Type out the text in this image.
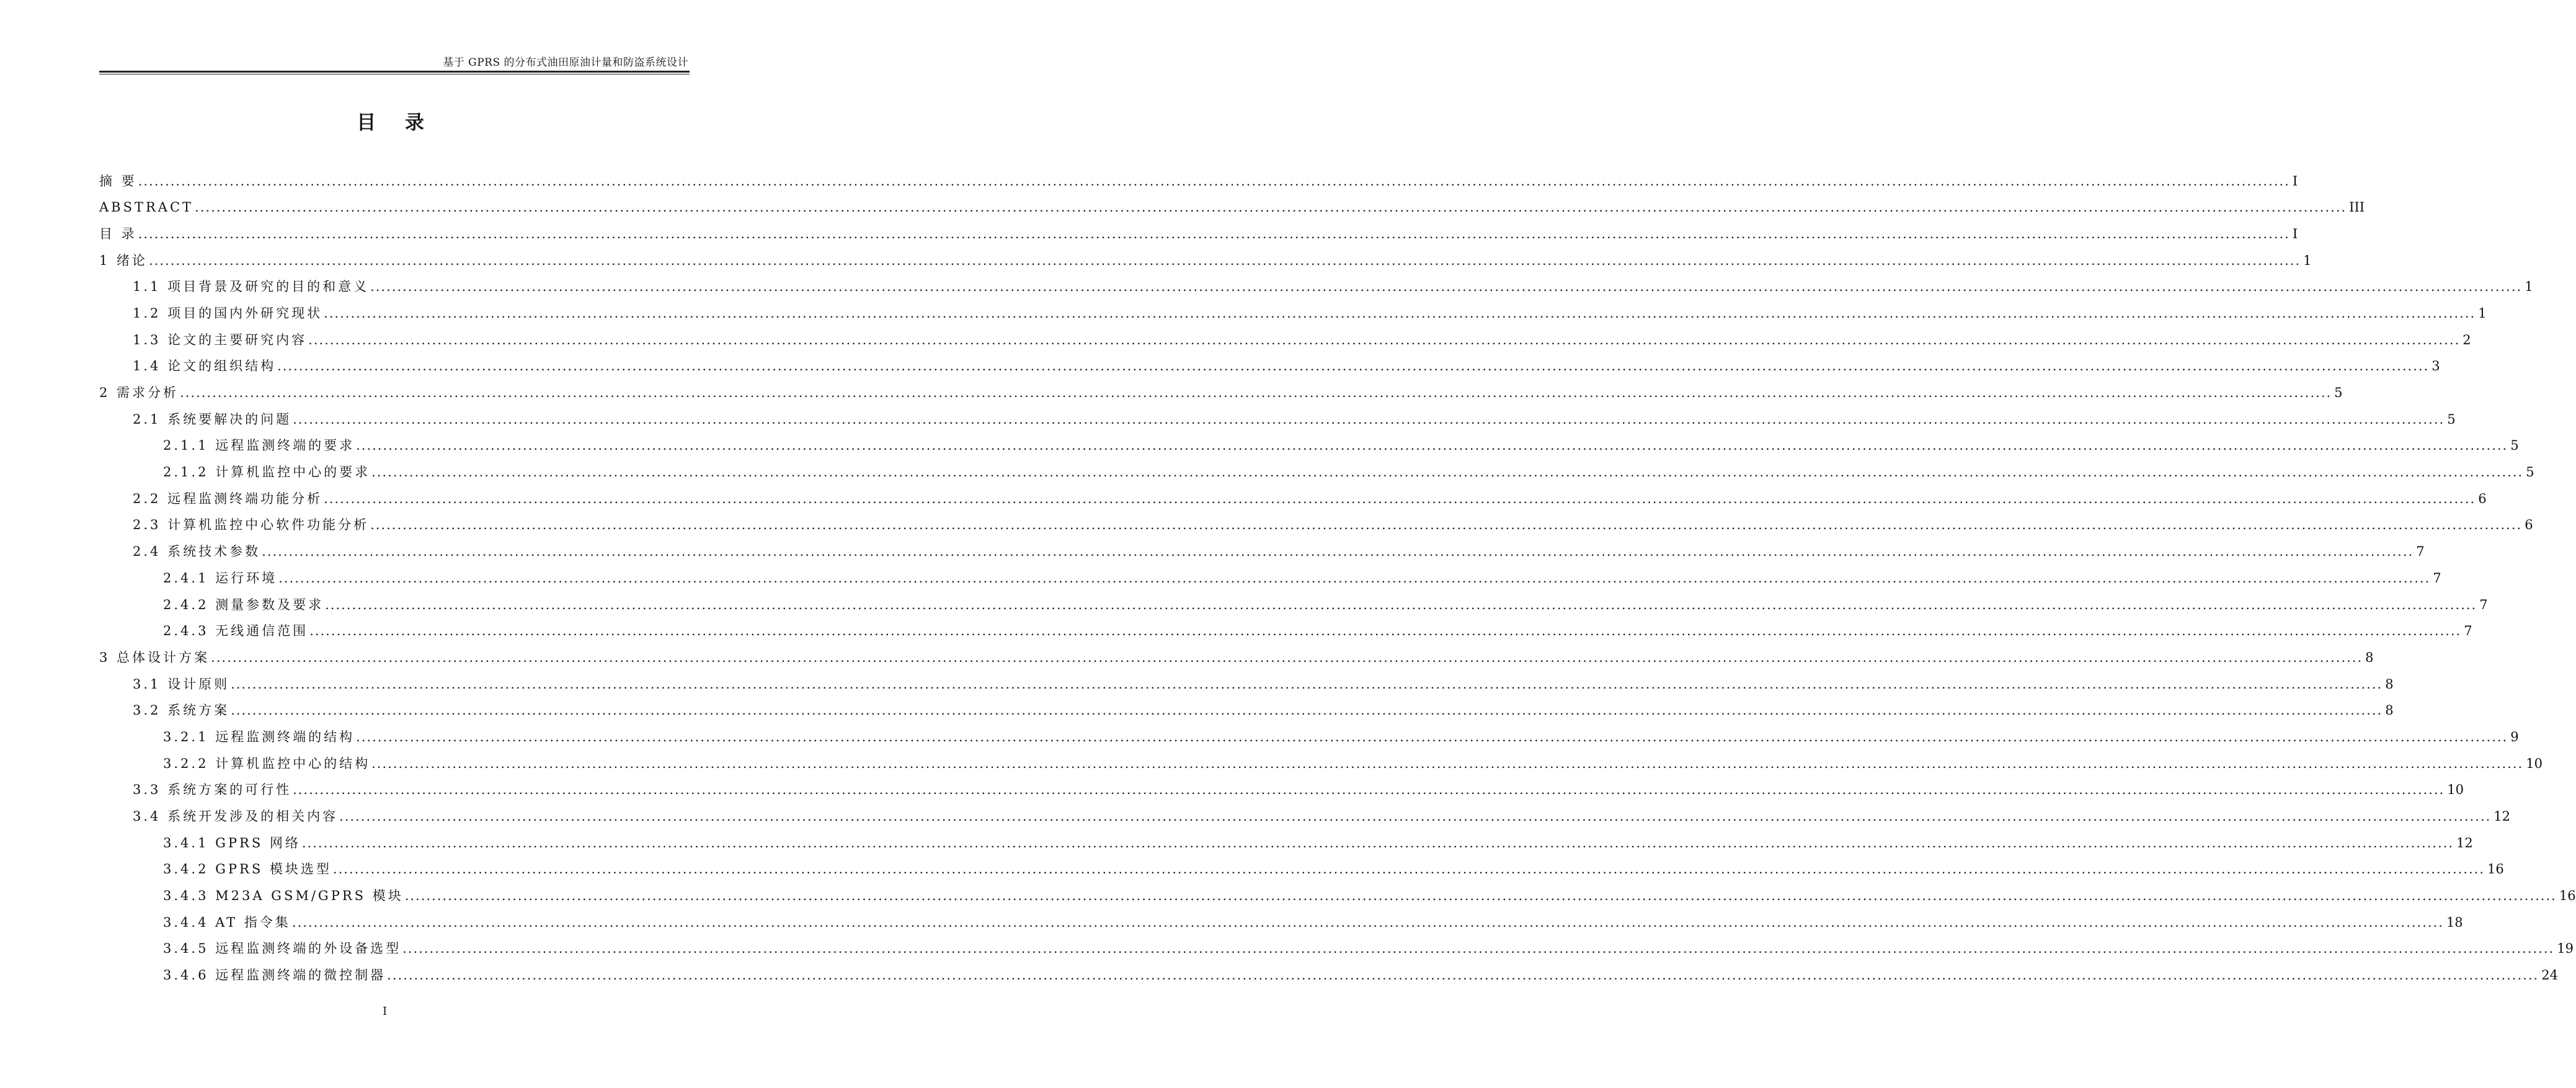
基于 GPRS 的分布式油田原油计量和防盗系统设计
目 录
摘 要 ................................................................................................................................................................................................................................................................................................................................................................................................................ I
ABSTRACT ................................................................................................................................................................................................................................................................................................................................................................................................................ III
目 录 ................................................................................................................................................................................................................................................................................................................................................................................................................ I
1 绪论 ................................................................................................................................................................................................................................................................................................................................................................................................................ 1
1.1 项目背景及研究的目的和意义 ................................................................................................................................................................................................................................................................................................................................................................................................................ 1
1.2 项目的国内外研究现状 ................................................................................................................................................................................................................................................................................................................................................................................................................ 1
1.3 论文的主要研究内容 ................................................................................................................................................................................................................................................................................................................................................................................................................ 2
1.4 论文的组织结构 ................................................................................................................................................................................................................................................................................................................................................................................................................ 3
2 需求分析 ................................................................................................................................................................................................................................................................................................................................................................................................................ 5
2.1 系统要解决的问题 ................................................................................................................................................................................................................................................................................................................................................................................................................ 5
2.1.1 远程监测终端的要求 ................................................................................................................................................................................................................................................................................................................................................................................................................ 5
2.1.2 计算机监控中心的要求 ................................................................................................................................................................................................................................................................................................................................................................................................................ 5
2.2 远程监测终端功能分析 ................................................................................................................................................................................................................................................................................................................................................................................................................ 6
2.3 计算机监控中心软件功能分析 ................................................................................................................................................................................................................................................................................................................................................................................................................ 6
2.4 系统技术参数 ................................................................................................................................................................................................................................................................................................................................................................................................................ 7
2.4.1 运行环境 ................................................................................................................................................................................................................................................................................................................................................................................................................ 7
2.4.2 测量参数及要求 ................................................................................................................................................................................................................................................................................................................................................................................................................ 7
2.4.3 无线通信范围 ................................................................................................................................................................................................................................................................................................................................................................................................................ 7
3 总体设计方案 ................................................................................................................................................................................................................................................................................................................................................................................................................ 8
3.1 设计原则 ................................................................................................................................................................................................................................................................................................................................................................................................................ 8
3.2 系统方案 ................................................................................................................................................................................................................................................................................................................................................................................................................ 8
3.2.1 远程监测终端的结构 ................................................................................................................................................................................................................................................................................................................................................................................................................ 9
3.2.2 计算机监控中心的结构 ................................................................................................................................................................................................................................................................................................................................................................................................................ 10
3.3 系统方案的可行性 ................................................................................................................................................................................................................................................................................................................................................................................................................ 10
3.4 系统开发涉及的相关内容 ................................................................................................................................................................................................................................................................................................................................................................................................................ 12
3.4.1 GPRS 网络 ................................................................................................................................................................................................................................................................................................................................................................................................................ 12
3.4.2 GPRS 模块选型 ................................................................................................................................................................................................................................................................................................................................................................................................................ 16
3.4.3 M23A GSM/GPRS 模块 ................................................................................................................................................................................................................................................................................................................................................................................................................ 16
3.4.4 AT 指令集 ................................................................................................................................................................................................................................................................................................................................................................................................................ 18
3.4.5 远程监测终端的外设备选型 ................................................................................................................................................................................................................................................................................................................................................................................................................ 19
3.4.6 远程监测终端的微控制器 ................................................................................................................................................................................................................................................................................................................................................................................................................ 24
I
